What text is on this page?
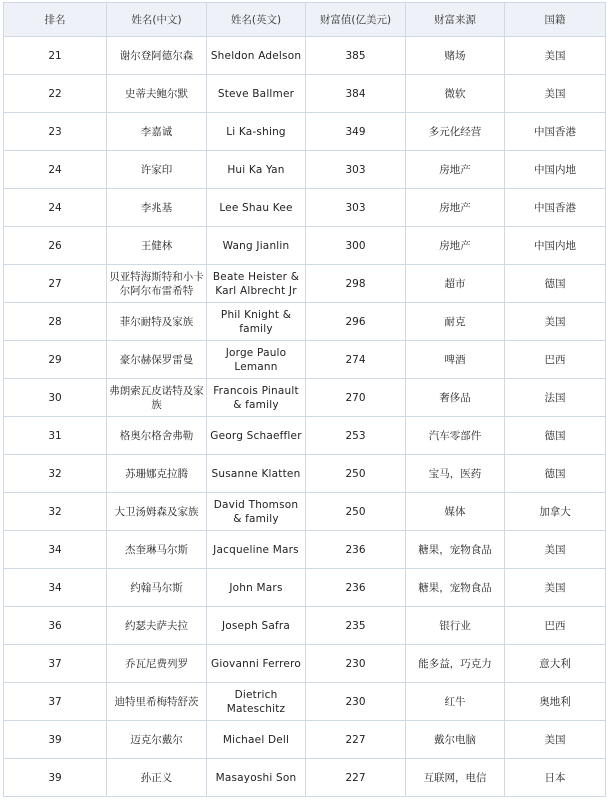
排名	姓名(中文)	姓名(英文)	财富值(亿美元)	财富来源	国籍
21	谢尔登阿德尔森	Sheldon Adelson	385	赌场	美国
22	史蒂夫鲍尔默	Steve Ballmer	384	微软	美国
23	李嘉诚	Li Ka-shing	349	多元化经营	中国香港
24	许家印	Hui Ka Yan	303	房地产	中国内地
24	李兆基	Lee Shau Kee	303	房地产	中国香港
26	王健林	Wang Jianlin	300	房地产	中国内地
27	贝亚特海斯特和小卡尔阿尔布雷希特	Beate Heister & Karl Albrecht Jr	298	超市	德国
28	菲尔耐特及家族	Phil Knight & family	296	耐克	美国
29	豪尔赫保罗雷曼	Jorge Paulo Lemann	274	啤酒	巴西
30	弗朗索瓦皮诺特及家族	Francois Pinault & family	270	奢侈品	法国
31	格奥尔格舍弗勒	Georg Schaeffler	253	汽车零部件	德国
32	苏珊娜克拉腾	Susanne Klatten	250	宝马，医药	德国
32	大卫汤姆森及家族	David Thomson & family	250	媒体	加拿大
34	杰奎琳马尔斯	Jacqueline Mars	236	糖果，宠物食品	美国
34	约翰马尔斯	John Mars	236	糖果，宠物食品	美国
36	约瑟夫萨夫拉	Joseph Safra	235	银行业	巴西
37	乔瓦尼费列罗	Giovanni Ferrero	230	能多益，巧克力	意大利
37	迪特里希梅特舒茨	Dietrich Mateschitz	230	红牛	奥地利
39	迈克尔戴尔	Michael Dell	227	戴尔电脑	美国
39	孙正义	Masayoshi Son	227	互联网，电信	日本
